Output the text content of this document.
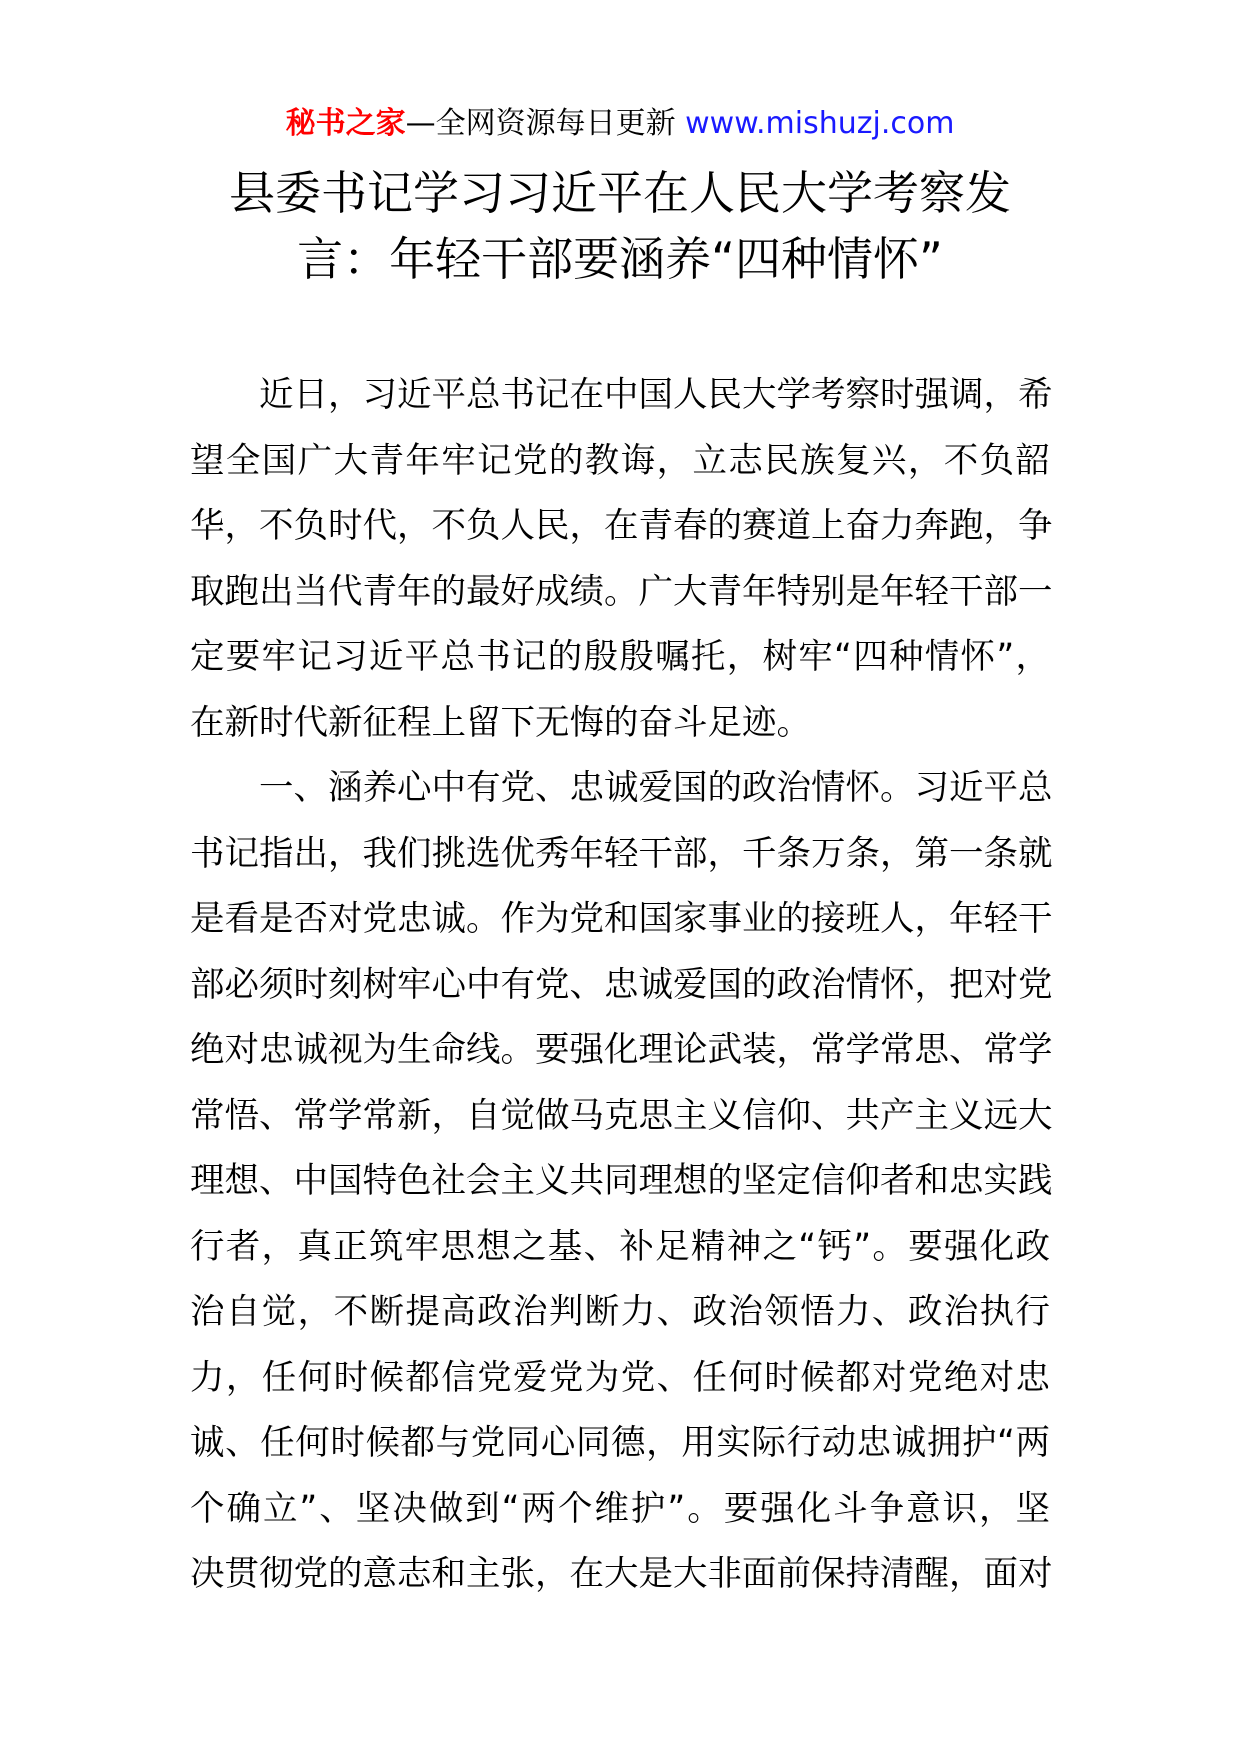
秘书之家—全网资源每日更新 www.mishuzj.com
县委书记学习习近平在人民大学考察发
言：年轻干部要涵养“四种情怀”
近日，习近平总书记在中国人民大学考察时强调，希
望全国广大青年牢记党的教诲，立志民族复兴，不负韶
华，不负时代，不负人民，在青春的赛道上奋力奔跑，争
取跑出当代青年的最好成绩。广大青年特别是年轻干部一
定要牢记习近平总书记的殷殷嘱托，树牢“四种情怀”，
在新时代新征程上留下无悔的奋斗足迹。
一、涵养心中有党、忠诚爱国的政治情怀。习近平总
书记指出，我们挑选优秀年轻干部，千条万条，第一条就
是看是否对党忠诚。作为党和国家事业的接班人，年轻干
部必须时刻树牢心中有党、忠诚爱国的政治情怀，把对党
绝对忠诚视为生命线。要强化理论武装，常学常思、常学
常悟、常学常新，自觉做马克思主义信仰、共产主义远大
理想、中国特色社会主义共同理想的坚定信仰者和忠实践
行者，真正筑牢思想之基、补足精神之“钙”。要强化政
治自觉，不断提高政治判断力、政治领悟力、政治执行
力，任何时候都信党爱党为党、任何时候都对党绝对忠
诚、任何时候都与党同心同德，用实际行动忠诚拥护“两
个确立”、坚决做到“两个维护”。要强化斗争意识，坚
决贯彻党的意志和主张，在大是大非面前保持清醒，面对
